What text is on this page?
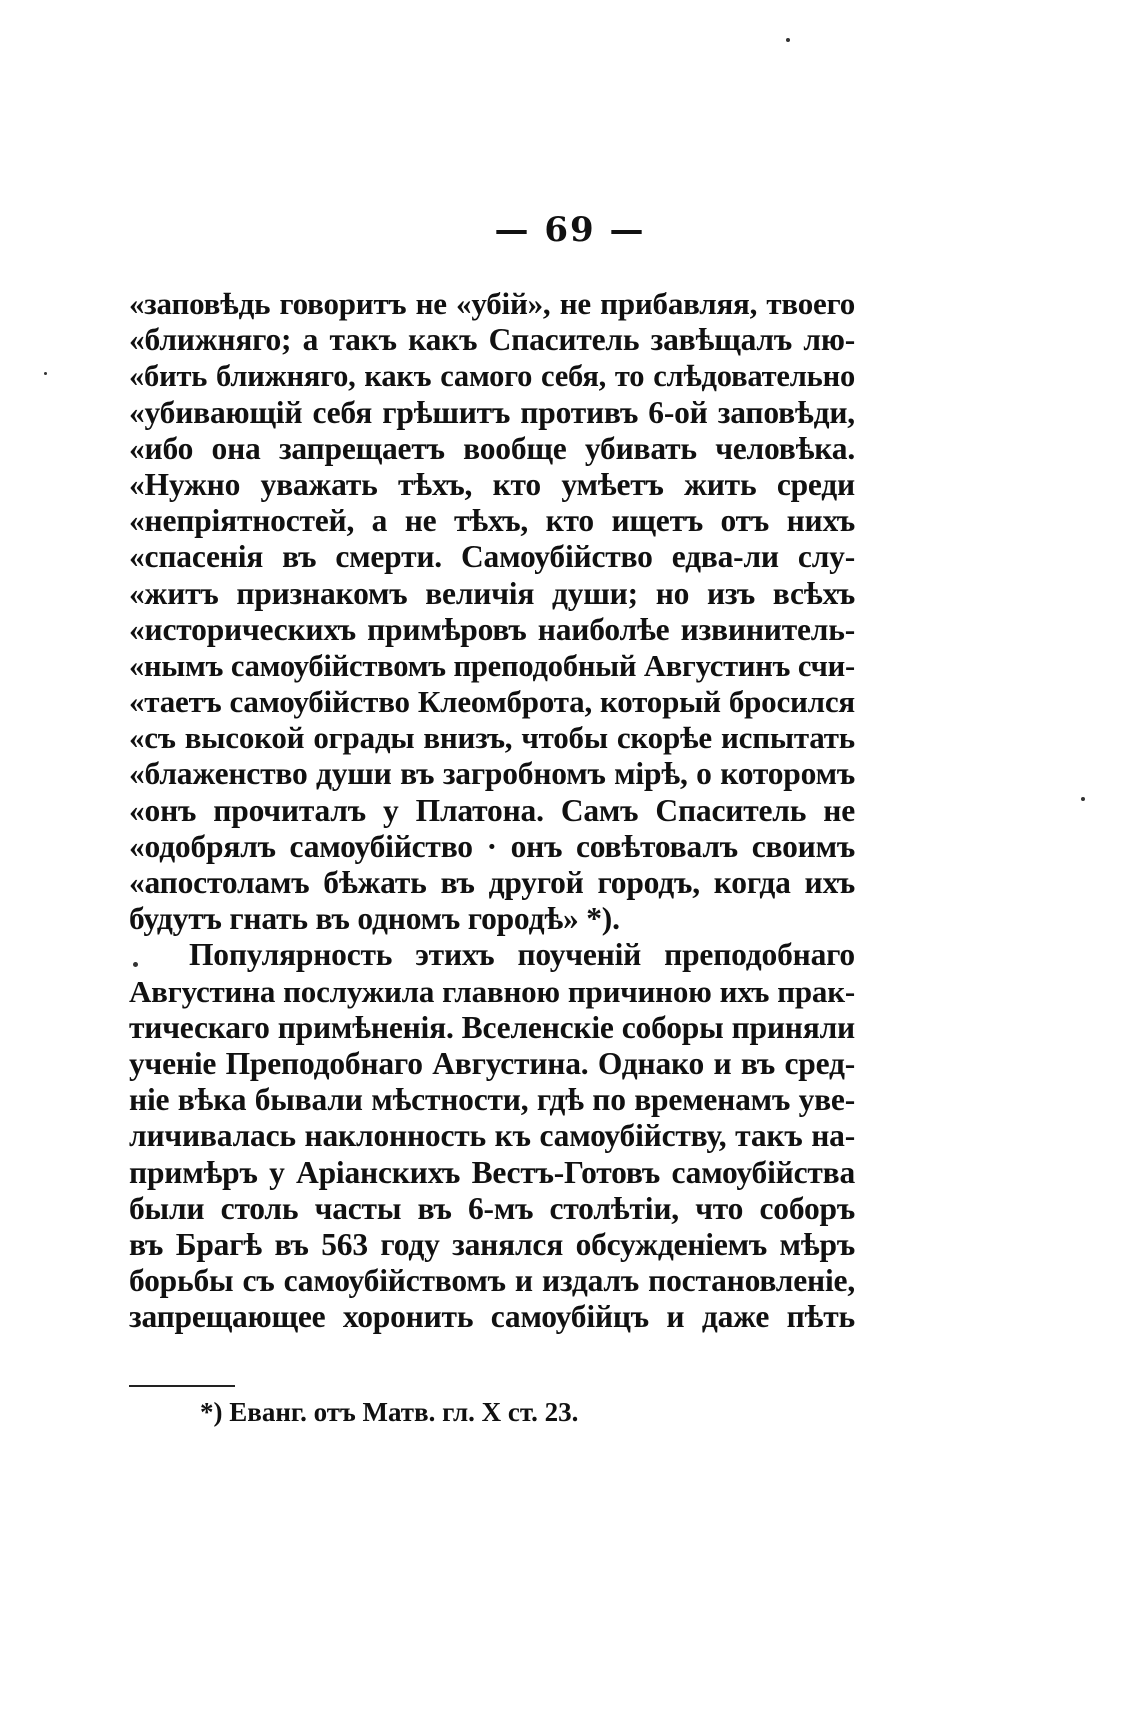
— 69 —
«заповѣдь говоритъ не «убій», не прибавляя, твоего
«ближняго; а такъ какъ Спаситель завѣщалъ лю-
«бить ближняго, какъ самого себя, то слѣдовательно
«убивающій себя грѣшитъ противъ 6-ой заповѣди,
«ибо она запрещаетъ вообще убивать человѣка.
«Нужно уважать тѣхъ, кто умѣетъ жить среди
«непріятностей, а не тѣхъ, кто ищетъ отъ нихъ
«спасенія въ смерти. Самоубійство едва-ли слу-
«житъ признакомъ величія души; но изъ всѣхъ
«историческихъ примѣровъ наиболѣе извинитель-
«нымъ самоубійствомъ преподобный Августинъ счи-
«таетъ самоубійство Клеомброта, который бросился
«съ высокой ограды внизъ, чтобы скорѣе испытать
«блаженство души въ загробномъ мірѣ, о которомъ
«онъ прочиталъ у Платона. Самъ Спаситель не
«одобрялъ самоубійство · онъ совѣтовалъ своимъ
«апостоламъ бѣжать въ другой городъ, когда ихъ
будутъ гнать въ одномъ городѣ» *).
Популярность этихъ поученій преподобнаго
Августина послужила главною причиною ихъ прак-
тическаго примѣненія. Вселенскіе соборы приняли
ученіе Преподобнаго Августина. Однако и въ сред-
ніе вѣка бывали мѣстности, гдѣ по временамъ уве-
личивалась наклонность къ самоубійству, такъ на-
примѣръ у Аріанскихъ Вестъ-Готовъ самоубійства
были столь часты въ 6-мъ столѣтіи, что соборъ
въ Брагѣ въ 563 году занялся обсужденіемъ мѣръ
борьбы съ самоубійствомъ и издалъ постановленіе,
запрещающее хоронить самоубійцъ и даже пѣть
*) Еванг. отъ Матв. гл. X ст. 23.
